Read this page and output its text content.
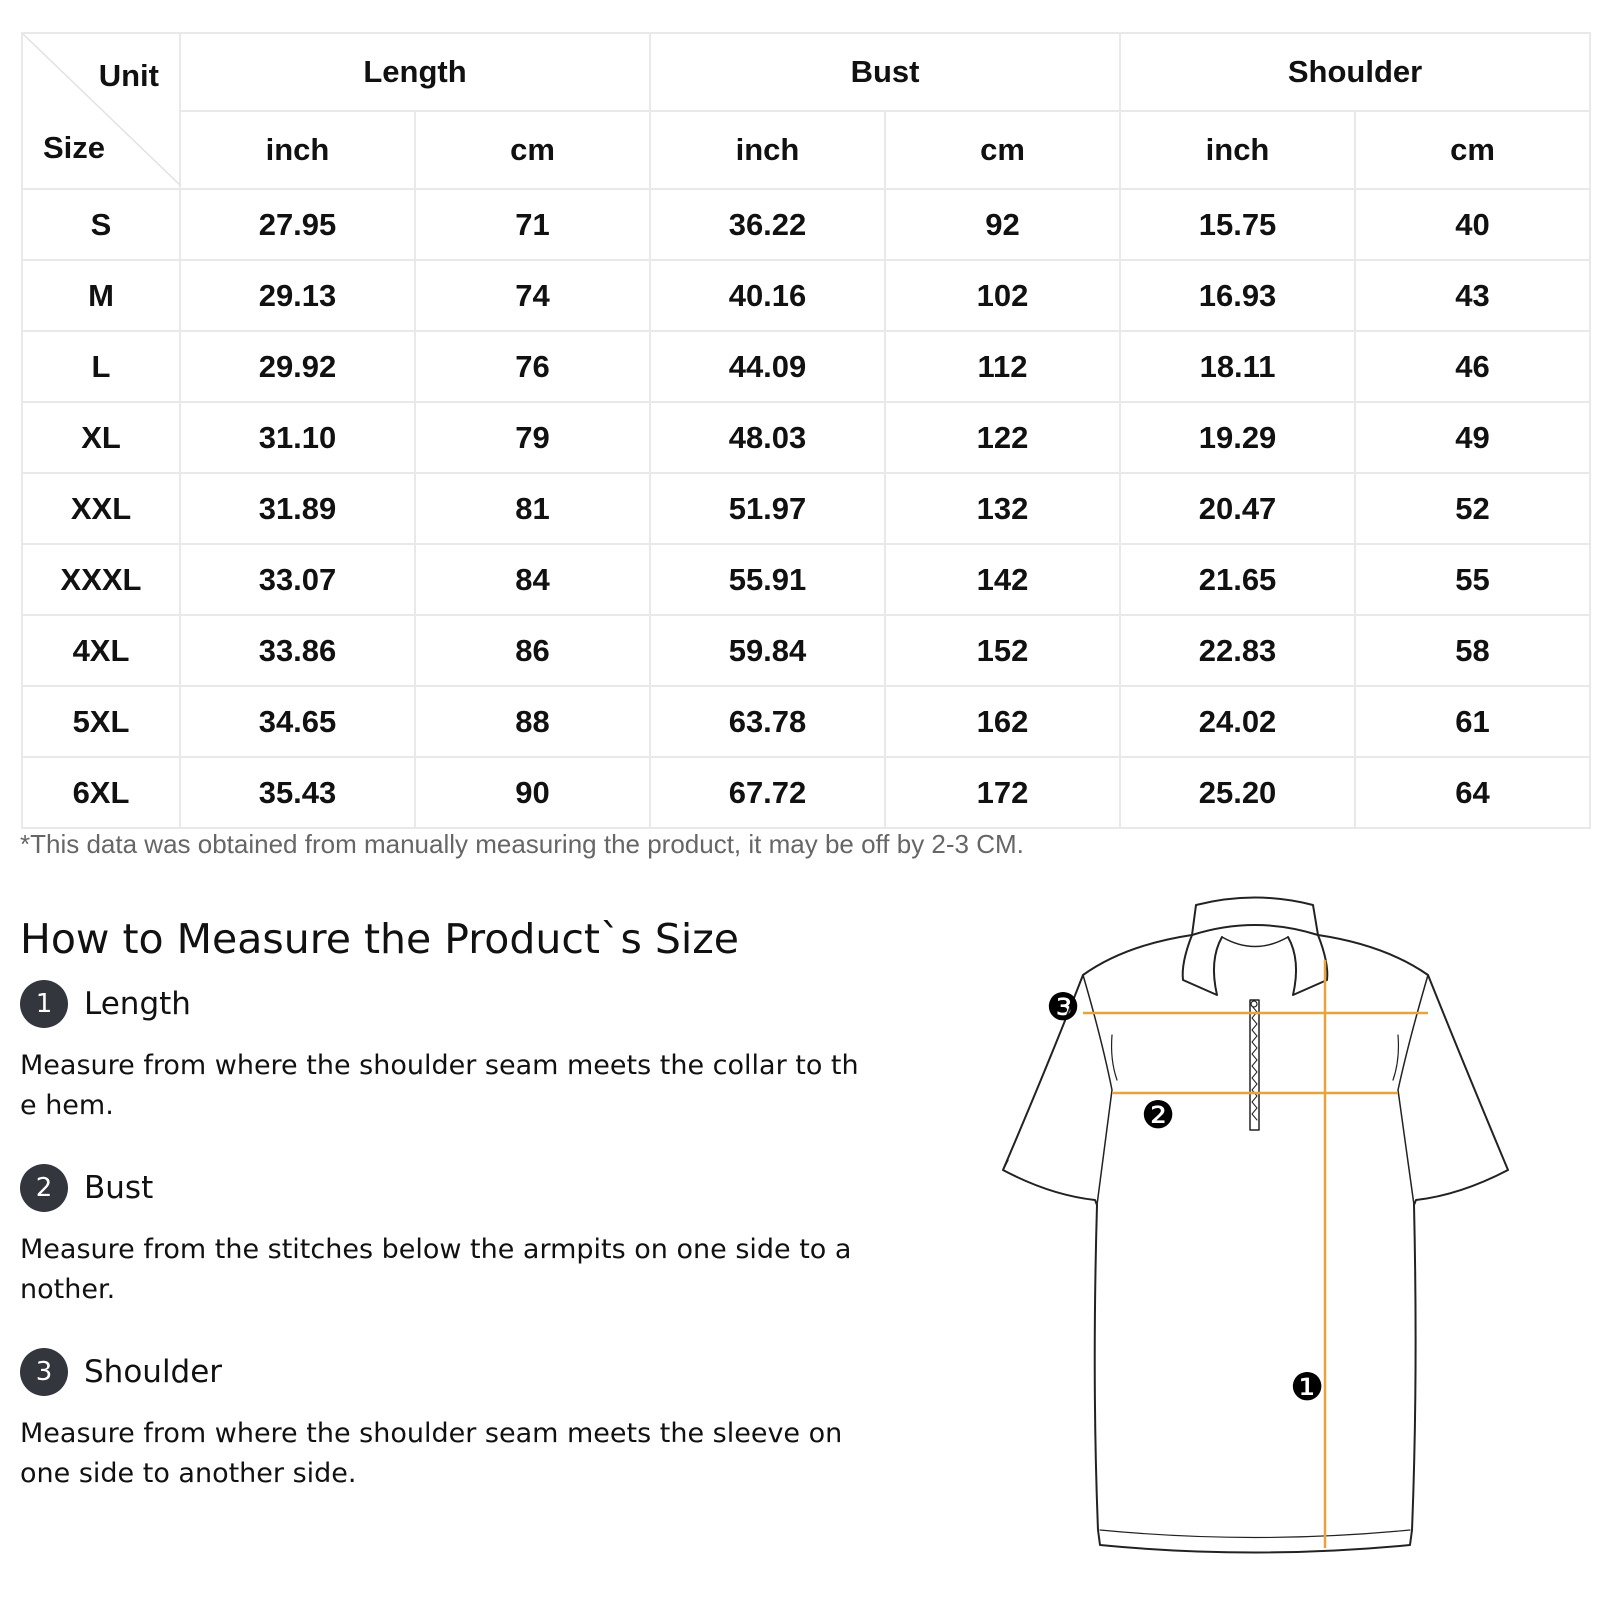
Unit
Size	Length		Bust		Shoulder	
	inch	cm	inch	cm	inch	cm
S	27.95	71	36.22	92	15.75	40
M	29.13	74	40.16	102	16.93	43
L	29.92	76	44.09	112	18.11	46
XL	31.10	79	48.03	122	19.29	49
XXL	31.89	81	51.97	132	20.47	52
XXXL	33.07	84	55.91	142	21.65	55
4XL	33.86	86	59.84	152	22.83	58
5XL	34.65	88	63.78	162	24.02	61
6XL	35.43	90	67.72	172	25.20	64
*This data was obtained from manually measuring the product, it may be off by 2-3 CM.
How to Measure the Product`s Size
1	Length
Measure from where the shoulder seam meets the collar to the hem.
2	Bust
Measure from the stitches below the armpits on one side to another.
3	Shoulder
Measure from where the shoulder seam meets the sleeve on one side to another side.
❸
❷
❶
